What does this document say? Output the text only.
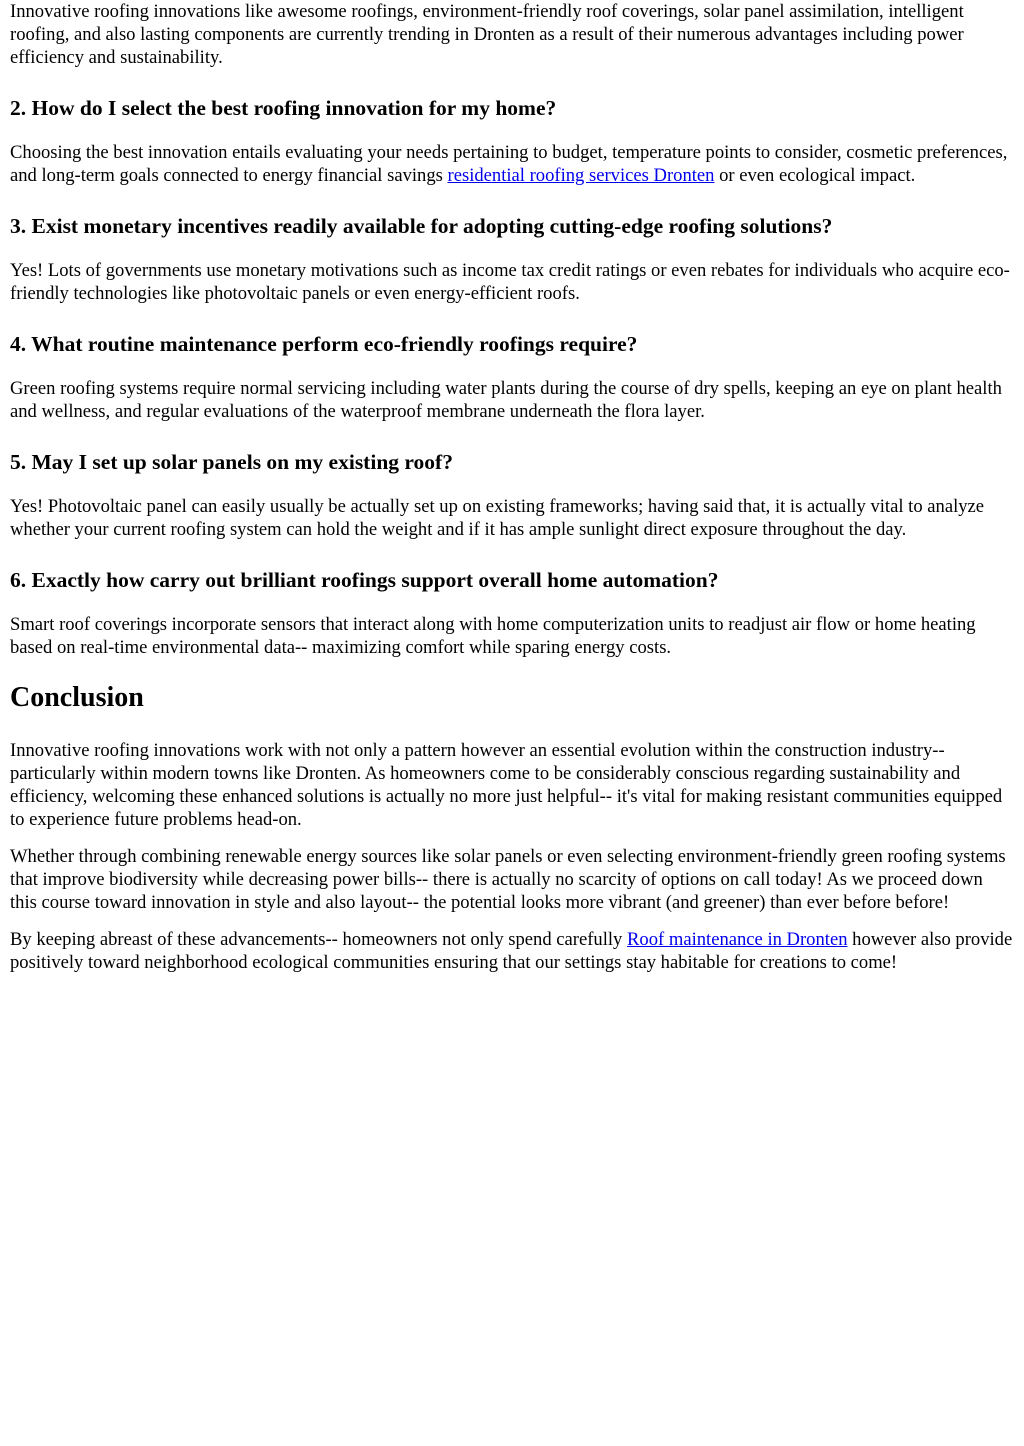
Innovative roofing innovations like awesome roofings, environment-friendly roof coverings, solar panel assimilation, intelligent roofing, and also lasting components are currently trending in Dronten as a result of their numerous advantages including power efficiency and sustainability.

2. How do I select the best roofing innovation for my home?

Choosing the best innovation entails evaluating your needs pertaining to budget, temperature points to consider, cosmetic preferences, and long-term goals connected to energy financial savings residential roofing services Dronten or even ecological impact.

3. Exist monetary incentives readily available for adopting cutting-edge roofing solutions?

Yes! Lots of governments use monetary motivations such as income tax credit ratings or even rebates for individuals who acquire eco-friendly technologies like photovoltaic panels or even energy-efficient roofs.

4. What routine maintenance perform eco-friendly roofings require?

Green roofing systems require normal servicing including water plants during the course of dry spells, keeping an eye on plant health and wellness, and regular evaluations of the waterproof membrane underneath the flora layer.

5. May I set up solar panels on my existing roof?

Yes! Photovoltaic panel can easily usually be actually set up on existing frameworks; having said that, it is actually vital to analyze whether your current roofing system can hold the weight and if it has ample sunlight direct exposure throughout the day.

6. Exactly how carry out brilliant roofings support overall home automation?

Smart roof coverings incorporate sensors that interact along with home computerization units to readjust air flow or home heating based on real-time environmental data-- maximizing comfort while sparing energy costs.

Conclusion

Innovative roofing innovations work with not only a pattern however an essential evolution within the construction industry-- particularly within modern towns like Dronten. As homeowners come to be considerably conscious regarding sustainability and efficiency, welcoming these enhanced solutions is actually no more just helpful-- it's vital for making resistant communities equipped to experience future problems head-on.

Whether through combining renewable energy sources like solar panels or even selecting environment-friendly green roofing systems that improve biodiversity while decreasing power bills-- there is actually no scarcity of options on call today! As we proceed down this course toward innovation in style and also layout-- the potential looks more vibrant (and greener) than ever before before!

By keeping abreast of these advancements-- homeowners not only spend carefully Roof maintenance in Dronten however also provide positively toward neighborhood ecological communities ensuring that our settings stay habitable for creations to come!
